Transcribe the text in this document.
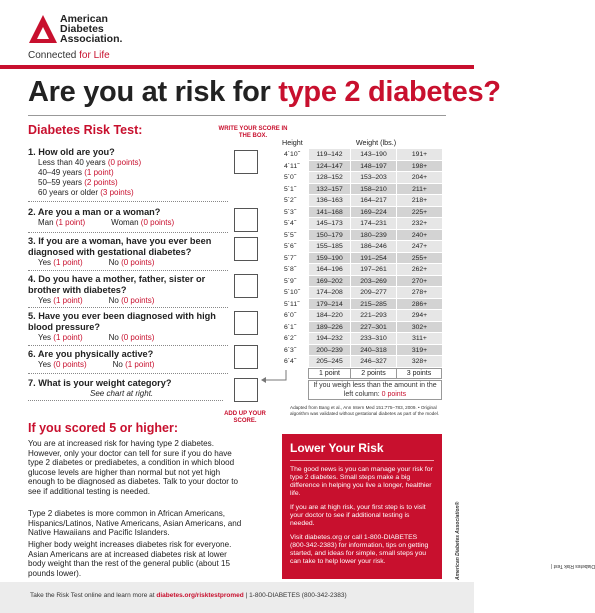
American
Diabetes
Association.
Connected for Life
Are you at risk for type 2 diabetes?
Diabetes Risk Test:	WRITE YOUR SCORE IN THE BOX.
1. How old are you?
Less than 40 years (0 points)
40–49 years (1 point)
50–59 years (2 points)
60 years or older (3 points)
2. Are you a man or a woman?
Man (1 point)	Woman (0 points)
3. If you are a woman, have you ever been diagnosed with gestational diabetes?
Yes (1 point)	No (0 points)
4. Do you have a mother, father, sister or brother with diabetes?
Yes (1 point)	No (0 points)
5. Have you ever been diagnosed with high blood pressure?
Yes (1 point)	No (0 points)
6. Are you physically active?
Yes (0 points)	No (1 point)
7. What is your weight category?
See chart at right.
ADD UP YOUR SCORE.
Height	Weight (lbs.)
4´10˝	119–142	143–190	191+
4´11˝	124–147	148–197	198+
5´0˝	128–152	153–203	204+
5´1˝	132–157	158–210	211+
5´2˝	136–163	164–217	218+
5´3˝	141–168	169–224	225+
5´4˝	145–173	174–231	232+
5´5˝	150–179	180–239	240+
5´6˝	155–185	186–246	247+
5´7˝	159–190	191–254	255+
5´8˝	164–196	197–261	262+
5´9˝	169–202	203–269	270+
5´10˝	174–208	209–277	278+
5´11˝	179–214	215–285	286+
6´0˝	184–220	221–293	294+
6´1˝	189–226	227–301	302+
6´2˝	194–232	233–310	311+
6´3˝	200–239	240–318	319+
6´4˝	205–245	246–327	328+
1 point	2 points	3 points
If you weigh less than the amount in the left column: 0 points
Adapted from Bang et al., Ann Intern Med 151:775–783, 2009. • Original algorithm was validated without gestational diabetes as part of the model.
If you scored 5 or higher:
You are at increased risk for having type 2 diabetes. However, only your doctor can tell for sure if you do have type 2 diabetes or prediabetes, a condition in which blood glucose levels are higher than normal but not yet high enough to be diagnosed as diabetes. Talk to your doctor to see if additional testing is needed.
Type 2 diabetes is more common in African Americans, Hispanics/Latinos, Native Americans, Asian Americans, and Native Hawaiians and Pacific Islanders.
Higher body weight increases diabetes risk for everyone. Asian Americans are at increased diabetes risk at lower body weight than the rest of the general public (about 15 pounds lower).
Lower Your Risk

The good news is you can manage your risk for type 2 diabetes. Small steps make a big difference in helping you live a longer, healthier life.

If you are at high risk, your first step is to visit your doctor to see if additional testing is needed.

Visit diabetes.org or call 1-800-DIABETES (800-342-2383) for information, tips on getting started, and ideas for simple, small steps you can take to help lower your risk.

Diabetes Risk Test |
American Diabetes Association®
Take the Risk Test online and learn more at diabetes.org/risktestpromed | 1-800-DIABETES (800-342-2383)
